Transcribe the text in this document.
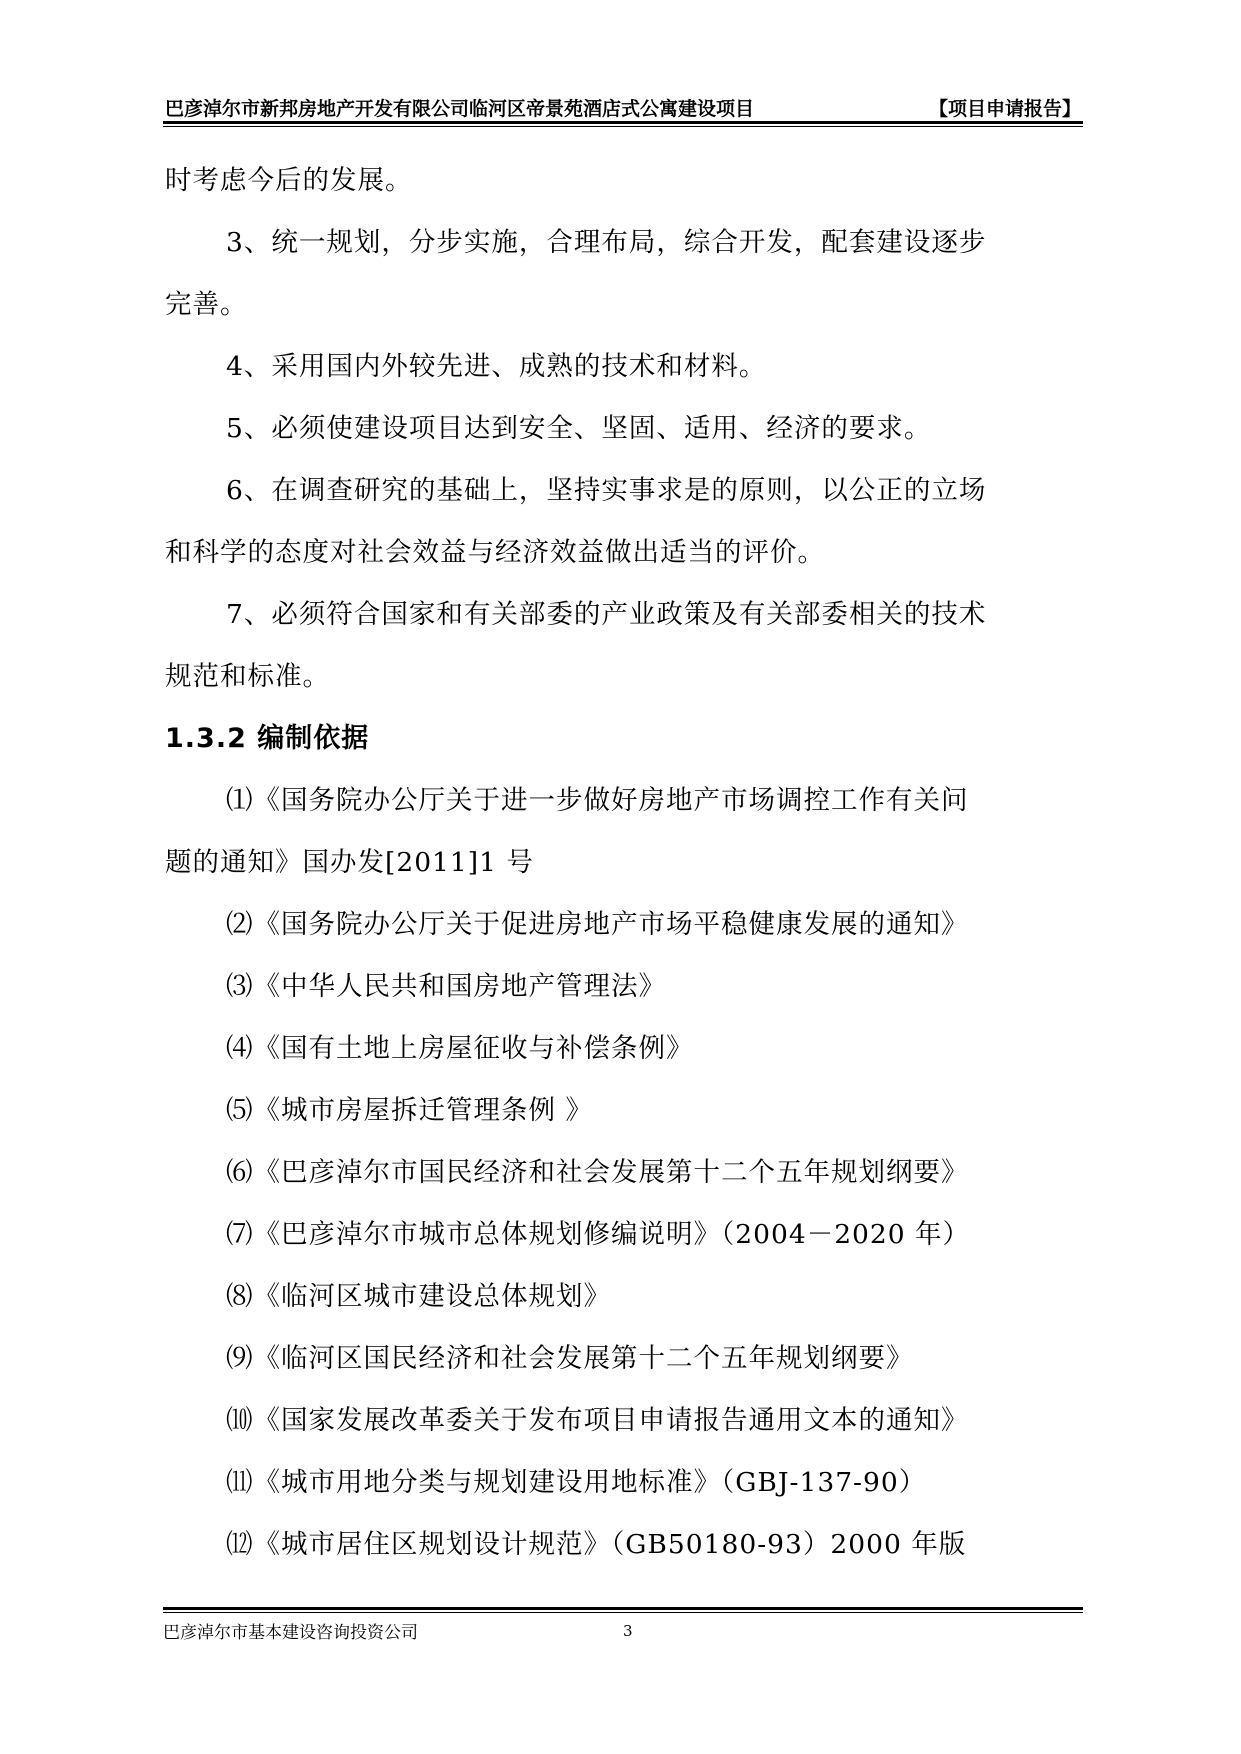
巴彦淖尔市新邦房地产开发有限公司临河区帝景苑酒店式公寓建设项目	【项目申请报告】
时考虑今后的发展。
3、统一规划，分步实施，合理布局，综合开发，配套建设逐步
完善。
4、采用国内外较先进、成熟的技术和材料。
5、必须使建设项目达到安全、坚固、适用、经济的要求。
6、在调查研究的基础上，坚持实事求是的原则，以公正的立场
和科学的态度对社会效益与经济效益做出适当的评价。
7、必须符合国家和有关部委的产业政策及有关部委相关的技术
规范和标准。
1.3.2 编制依据
⑴《国务院办公厅关于进一步做好房地产市场调控工作有关问
题的通知》国办发[2011]1 号
⑵《国务院办公厅关于促进房地产市场平稳健康发展的通知》
⑶《中华人民共和国房地产管理法》
⑷《国有土地上房屋征收与补偿条例》
⑸《城市房屋拆迁管理条例 》
⑹《巴彦淖尔市国民经济和社会发展第十二个五年规划纲要》
⑺《巴彦淖尔市城市总体规划修编说明》（2004－2020 年）
⑻《临河区城市建设总体规划》
⑼《临河区国民经济和社会发展第十二个五年规划纲要》
⑽《国家发展改革委关于发布项目申请报告通用文本的通知》
⑾《城市用地分类与规划建设用地标准》（GBJ-137-90）
⑿《城市居住区规划设计规范》（GB50180-93）2000 年版
巴彦淖尔市基本建设咨询投资公司	3
